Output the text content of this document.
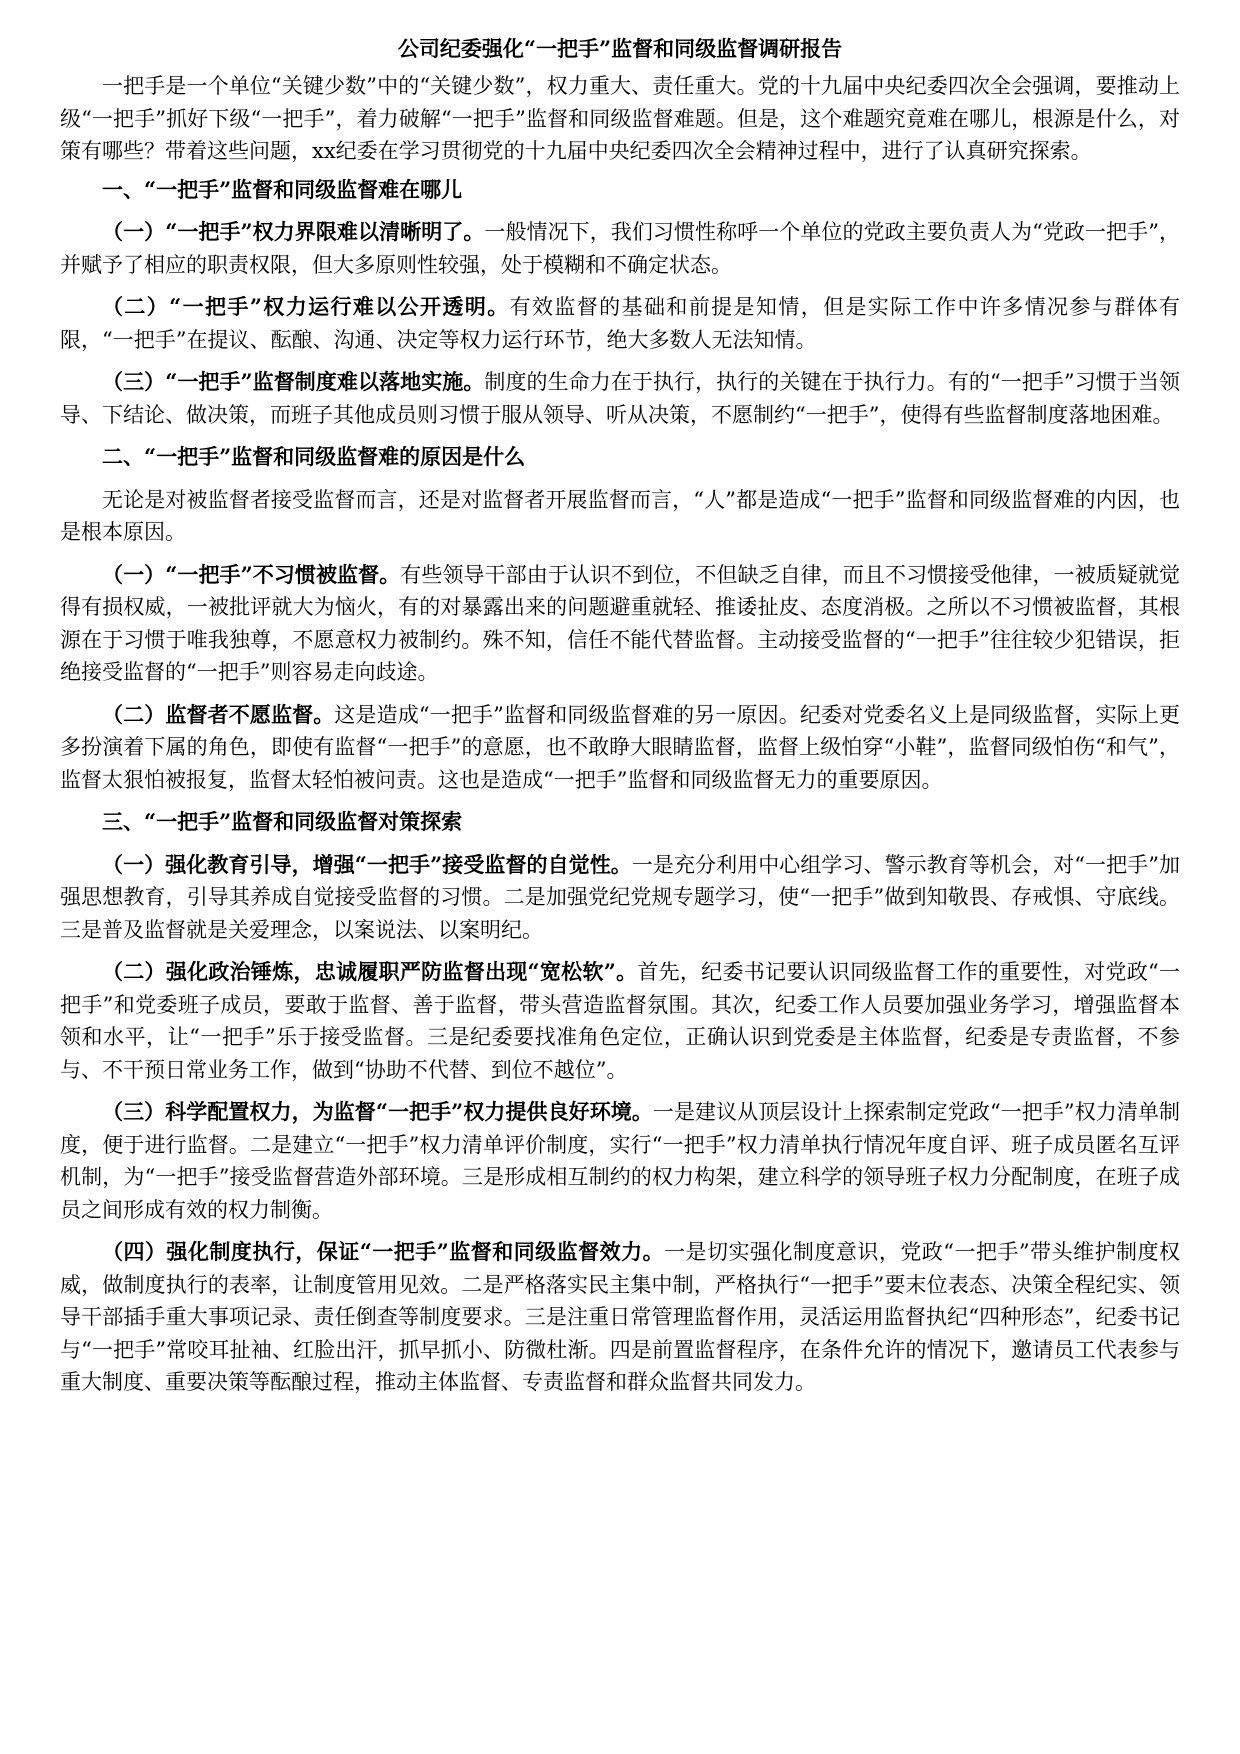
公司纪委强化“一把手”监督和同级监督调研报告

一把手是一个单位“关键少数”中的“关键少数”，权力重大、责任重大。党的十九届中央纪委四次全会强调，要推动上级“一把手”抓好下级“一把手”，着力破解“一把手”监督和同级监督难题。但是，这个难题究竟难在哪儿，根源是什么，对策有哪些？带着这些问题，xx纪委在学习贯彻党的十九届中央纪委四次全会精神过程中，进行了认真研究探索。

一、“一把手”监督和同级监督难在哪儿

（一）“一把手”权力界限难以清晰明了。一般情况下，我们习惯性称呼一个单位的党政主要负责人为“党政一把手”，并赋予了相应的职责权限，但大多原则性较强，处于模糊和不确定状态。

（二）“一把手”权力运行难以公开透明。有效监督的基础和前提是知情，但是实际工作中许多情况参与群体有限，“一把手”在提议、酝酿、沟通、决定等权力运行环节，绝大多数人无法知情。

（三）“一把手”监督制度难以落地实施。制度的生命力在于执行，执行的关键在于执行力。有的“一把手”习惯于当领导、下结论、做决策，而班子其他成员则习惯于服从领导、听从决策，不愿制约“一把手”，使得有些监督制度落地困难。

二、“一把手”监督和同级监督难的原因是什么

无论是对被监督者接受监督而言，还是对监督者开展监督而言，“人”都是造成“一把手”监督和同级监督难的内因，也是根本原因。

（一）“一把手”不习惯被监督。有些领导干部由于认识不到位，不但缺乏自律，而且不习惯接受他律，一被质疑就觉得有损权威，一被批评就大为恼火，有的对暴露出来的问题避重就轻、推诿扯皮、态度消极。之所以不习惯被监督，其根源在于习惯于唯我独尊，不愿意权力被制约。殊不知，信任不能代替监督。主动接受监督的“一把手”往往较少犯错误，拒绝接受监督的“一把手”则容易走向歧途。

（二）监督者不愿监督。这是造成“一把手”监督和同级监督难的另一原因。纪委对党委名义上是同级监督，实际上更多扮演着下属的角色，即使有监督“一把手”的意愿，也不敢睁大眼睛监督，监督上级怕穿“小鞋”，监督同级怕伤“和气”，监督太狠怕被报复，监督太轻怕被问责。这也是造成“一把手”监督和同级监督无力的重要原因。

三、“一把手”监督和同级监督对策探索

（一）强化教育引导，增强“一把手”接受监督的自觉性。一是充分利用中心组学习、警示教育等机会，对“一把手”加强思想教育，引导其养成自觉接受监督的习惯。二是加强党纪党规专题学习，使“一把手”做到知敬畏、存戒惧、守底线。三是普及监督就是关爱理念，以案说法、以案明纪。

（二）强化政治锤炼，忠诚履职严防监督出现“宽松软”。首先，纪委书记要认识同级监督工作的重要性，对党政“一把手”和党委班子成员，要敢于监督、善于监督，带头营造监督氛围。其次，纪委工作人员要加强业务学习，增强监督本领和水平，让“一把手”乐于接受监督。三是纪委要找准角色定位，正确认识到党委是主体监督，纪委是专责监督，不参与、不干预日常业务工作，做到“协助不代替、到位不越位”。

（三）科学配置权力，为监督“一把手”权力提供良好环境。一是建议从顶层设计上探索制定党政“一把手”权力清单制度，便于进行监督。二是建立“一把手”权力清单评价制度，实行“一把手”权力清单执行情况年度自评、班子成员匿名互评机制，为“一把手”接受监督营造外部环境。三是形成相互制约的权力构架，建立科学的领导班子权力分配制度，在班子成员之间形成有效的权力制衡。

（四）强化制度执行，保证“一把手”监督和同级监督效力。一是切实强化制度意识，党政“一把手”带头维护制度权威，做制度执行的表率，让制度管用见效。二是严格落实民主集中制，严格执行“一把手”要末位表态、决策全程纪实、领导干部插手重大事项记录、责任倒查等制度要求。三是注重日常管理监督作用，灵活运用监督执纪“四种形态”，纪委书记与“一把手”常咬耳扯袖、红脸出汗，抓早抓小、防微杜渐。四是前置监督程序，在条件允许的情况下，邀请员工代表参与重大制度、重要决策等酝酿过程，推动主体监督、专责监督和群众监督共同发力。
